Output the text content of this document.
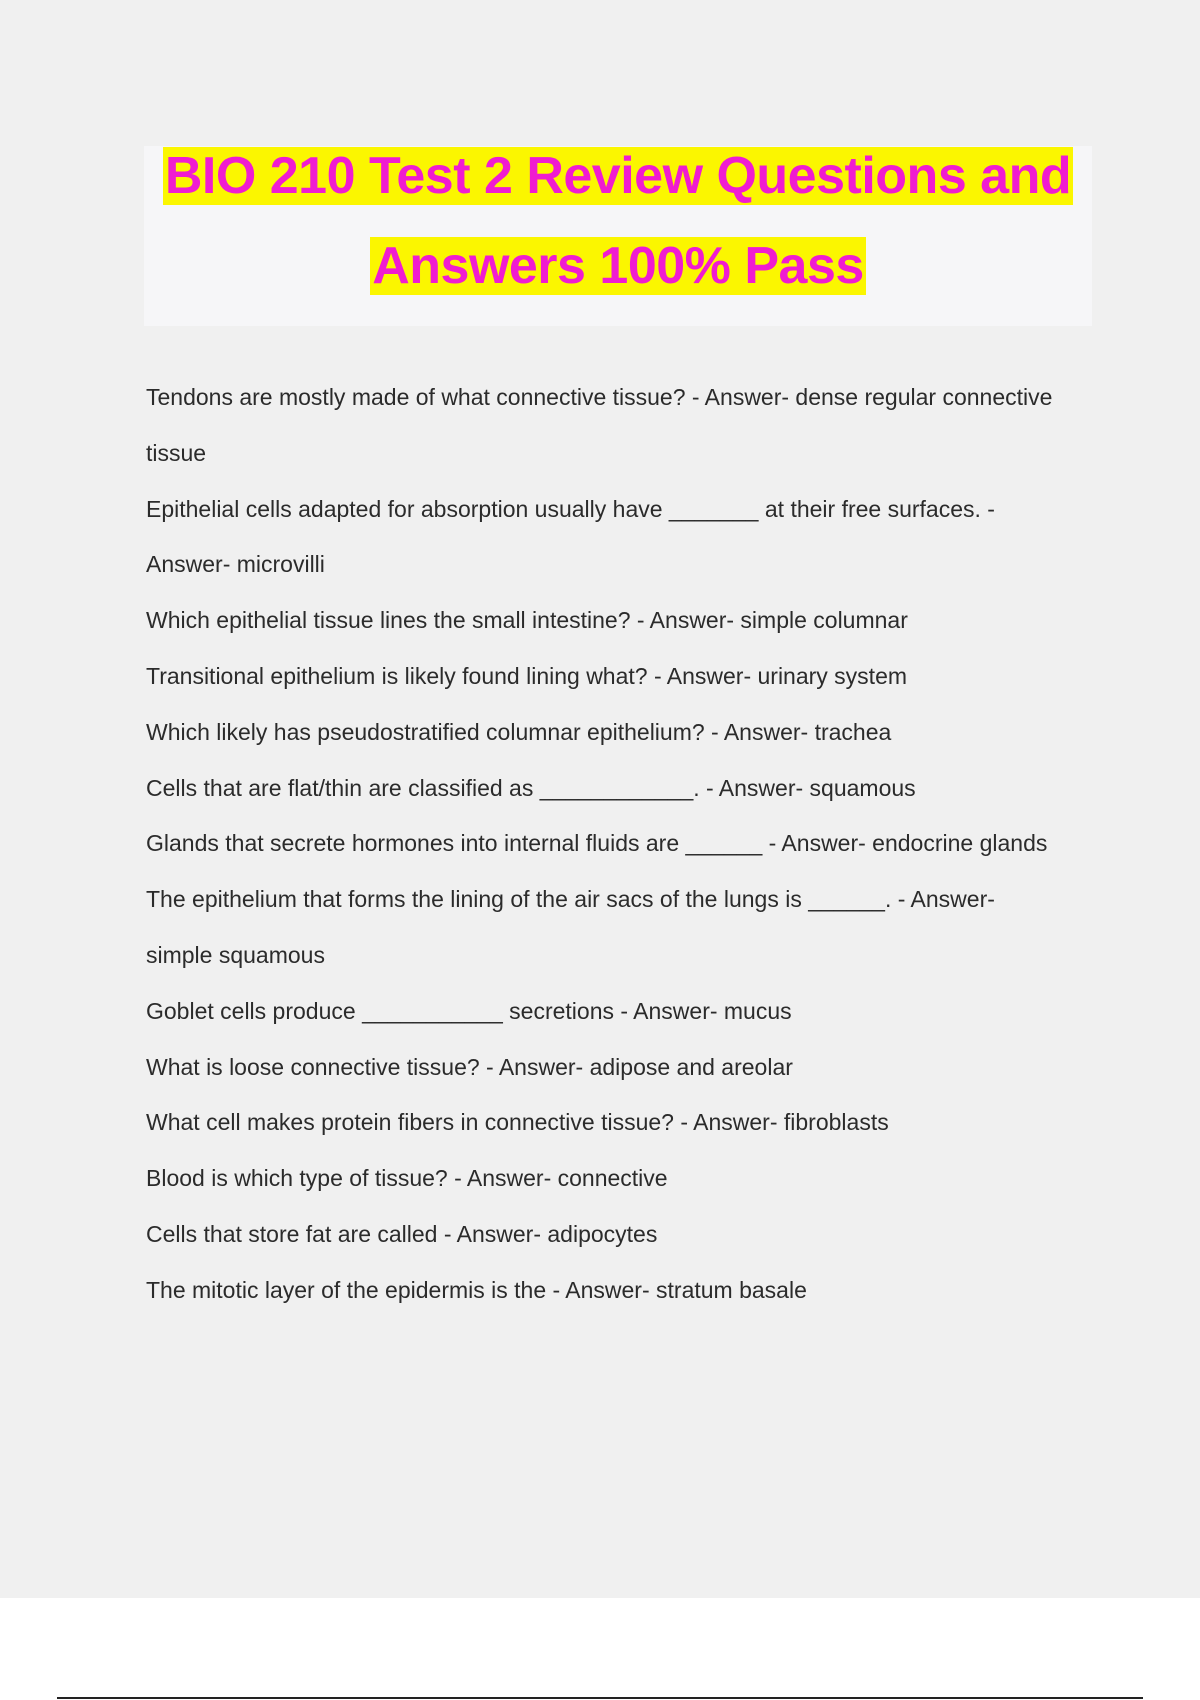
BIO 210 Test 2 Review Questions and
Answers 100% Pass
Tendons are mostly made of what connective tissue? - Answer- dense regular connective tissue
Epithelial cells adapted for absorption usually have _______ at their free surfaces. - Answer- microvilli
Which epithelial tissue lines the small intestine? - Answer- simple columnar
Transitional epithelium is likely found lining what? - Answer- urinary system
Which likely has pseudostratified columnar epithelium? - Answer- trachea
Cells that are flat/thin are classified as ____________. - Answer- squamous
Glands that secrete hormones into internal fluids are ______ - Answer- endocrine glands
The epithelium that forms the lining of the air sacs of the lungs is ______. - Answer- simple squamous
Goblet cells produce ___________ secretions - Answer- mucus
What is loose connective tissue? - Answer- adipose and areolar
What cell makes protein fibers in connective tissue? - Answer- fibroblasts
Blood is which type of tissue? - Answer- connective
Cells that store fat are called - Answer- adipocytes
The mitotic layer of the epidermis is the - Answer- stratum basale
